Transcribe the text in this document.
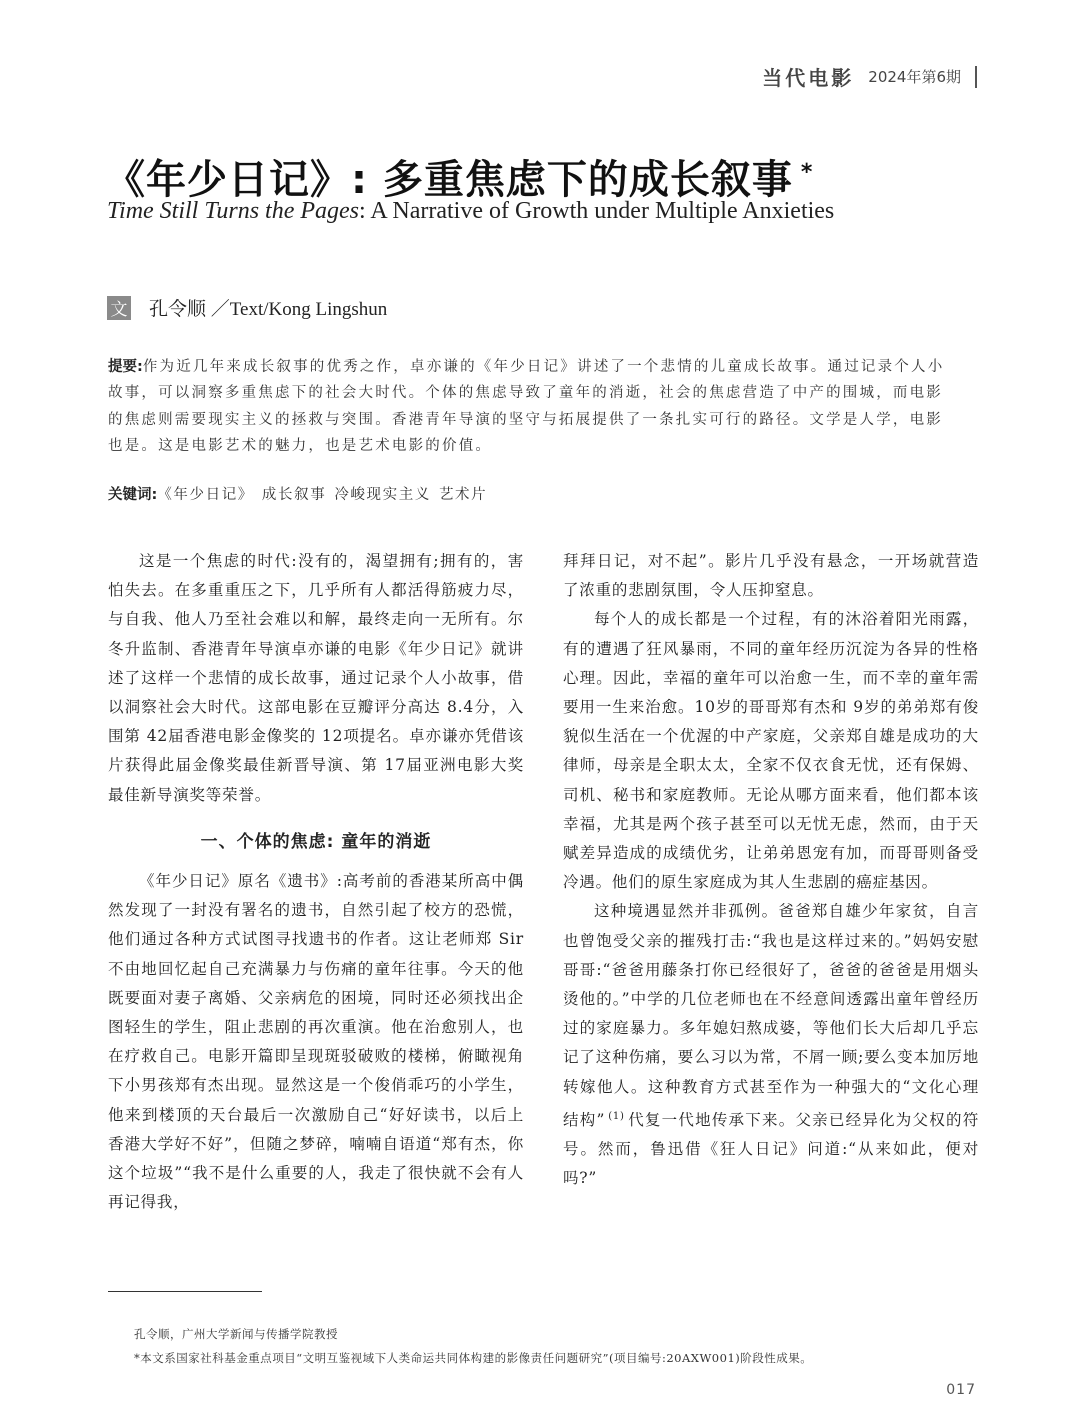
当代电影 2024年第6期
《年少日记》: 多重焦虑下的成长叙事 *
Time Still Turns the Pages: A Narrative of Growth under Multiple Anxieties
文 孔令顺 ／Text/Kong Lingshun
提要:作为近几年来成长叙事的优秀之作，卓亦谦的《年少日记》讲述了一个悲情的儿童成长故事。通过记录个人小故事，可以洞察多重焦虑下的社会大时代。个体的焦虑导致了童年的消逝，社会的焦虑营造了中产的围城，而电影的焦虑则需要现实主义的拯救与突围。香港青年导演的坚守与拓展提供了一条扎实可行的路径。文学是人学，电影也是。这是电影艺术的魅力，也是艺术电影的价值。
关键词:《年少日记》 成长叙事 冷峻现实主义 艺术片

这是一个焦虑的时代:没有的，渴望拥有;拥有的，害怕失去。在多重重压之下，几乎所有人都活得筋疲力尽，与自我、他人乃至社会难以和解，最终走向一无所有。尔冬升监制、香港青年导演卓亦谦的电影《年少日记》就讲述了这样一个悲情的成长故事，通过记录个人小故事，借以洞察社会大时代。这部电影在豆瓣评分高达 8.4分，入围第 42届香港电影金像奖的 12项提名。卓亦谦亦凭借该片获得此届金像奖最佳新晋导演、第 17届亚洲电影大奖最佳新导演奖等荣誉。

一、个体的焦虑: 童年的消逝

《年少日记》原名《遗书》:高考前的香港某所高中偶然发现了一封没有署名的遗书，自然引起了校方的恐慌，他们通过各种方式试图寻找遗书的作者。这让老师郑 Sir不由地回忆起自己充满暴力与伤痛的童年往事。今天的他既要面对妻子离婚、父亲病危的困境，同时还必须找出企图轻生的学生，阻止悲剧的再次重演。他在治愈别人，也在疗救自己。电影开篇即呈现斑驳破败的楼梯，俯瞰视角下小男孩郑有杰出现。显然这是一个俊俏乖巧的小学生，他来到楼顶的天台最后一次激励自己“好好读书，以后上香港大学好不好”，但随之梦碎，喃喃自语道“郑有杰，你这个垃圾”“我不是什么重要的人，我走了很快就不会有人再记得我，

拜拜日记，对不起”。影片几乎没有悬念，一开场就营造了浓重的悲剧氛围，令人压抑窒息。

每个人的成长都是一个过程，有的沐浴着阳光雨露，有的遭遇了狂风暴雨，不同的童年经历沉淀为各异的性格心理。因此，幸福的童年可以治愈一生，而不幸的童年需要用一生来治愈。10岁的哥哥郑有杰和 9岁的弟弟郑有俊貌似生活在一个优渥的中产家庭，父亲郑自雄是成功的大律师，母亲是全职太太，全家不仅衣食无忧，还有保姆、司机、秘书和家庭教师。无论从哪方面来看，他们都本该幸福，尤其是两个孩子甚至可以无忧无虑，然而，由于天赋差异造成的成绩优劣，让弟弟恩宠有加，而哥哥则备受冷遇。他们的原生家庭成为其人生悲剧的癌症基因。

这种境遇显然并非孤例。爸爸郑自雄少年家贫，自言也曾饱受父亲的摧残打击:“我也是这样过来的。”妈妈安慰哥哥:“爸爸用藤条打你已经很好了，爸爸的爸爸是用烟头烫他的。”中学的几位老师也在不经意间透露出童年曾经历过的家庭暴力。多年媳妇熬成婆，等他们长大后却几乎忘记了这种伤痛，要么习以为常，不屑一顾;要么变本加厉地转嫁他人。这种教育方式甚至作为一种强大的“文化心理结构” $^{(1)}$ 代复一代地传承下来。父亲已经异化为父权的符号。然而，鲁迅借《狂人日记》问道:“从来如此，便对吗?”

孔令顺，广州大学新闻与传播学院教授
*本文系国家社科基金重点项目“文明互鉴视域下人类命运共同体构建的影像责任问题研究”(项目编号:20AXW001)阶段性成果。
017
